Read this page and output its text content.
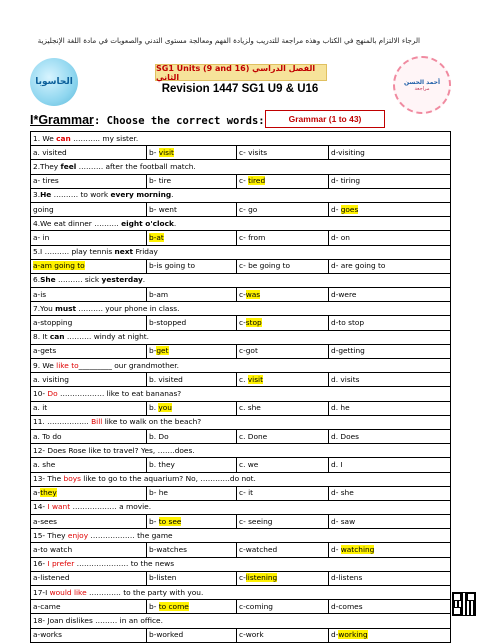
الرجاء الالتزام بالمنهج في الكتاب وهذه مراجعة للتدريب ولزيادة الفهم ومعالجة مستوى التدني والصعوبات في مادة اللغة الإنجليزية
الحاسوبا	أحمد الحسن
مراجعة
SG1 Units (9 and 16) الفصل الدراسي الثاني
Revision 1447 SG1 U9 & U16
I*Grammar: Choose the correct words:	Grammar (1 to 43)
1. We can ……….. my sister.			
a. visited	b- visit	c- visits	d-visiting
2.They feel ………. after the football match.			
a- tires	b- tire	c- tired	d- tiring
3.He ………. to work every morning.			
going	b- went	c- go	d- goes
4.We eat dinner ………. eight o'clock.			
a- in	b-at	c- from	d- on
5.I ………. play tennis next Friday			
a-am going to	b-is going to	c- be going to	d- are going to
6.She ………. sick yesterday.			
a-is	b-am	c-was	d-were
7.You must ………. your phone in class.			
a-stopping	b-stopped	c-stop	d-to stop
8. It can ………. windy at night.			
a-gets	b-get	c-got	d-getting
9. We like to_________ our grandmother.			
a. visiting	b. visited	c. visit	d. visits
10- Do ……………… like to eat bananas?			
a. it	b. you	c. she	d. he
11. …………….. Bill like to walk on the beach?			
a. To do	b. Do	c. Done	d. Does
12- Does Rose like to travel? Yes, …….does.			
a. she	b. they	c. we	d. I
13- The boys like to go to the aquarium? No, …………do not.			
a-they	b- he	c- it	d- she
14- I want ……………… a movie.			
a-sees	b- to see	c- seeing	d- saw
15- They enjoy ……………… the game			
a-to watch	b-watches	c-watched	d- watching
16- I prefer ………………… to the news			
a-listened	b-listen	c-listening	d-listens
17-I would like …………. to the party with you.			
a-came	b- to come	c-coming	d-comes
18- Joan dislikes ……… in an office.			
a-works	b-worked	c-work	d-working
